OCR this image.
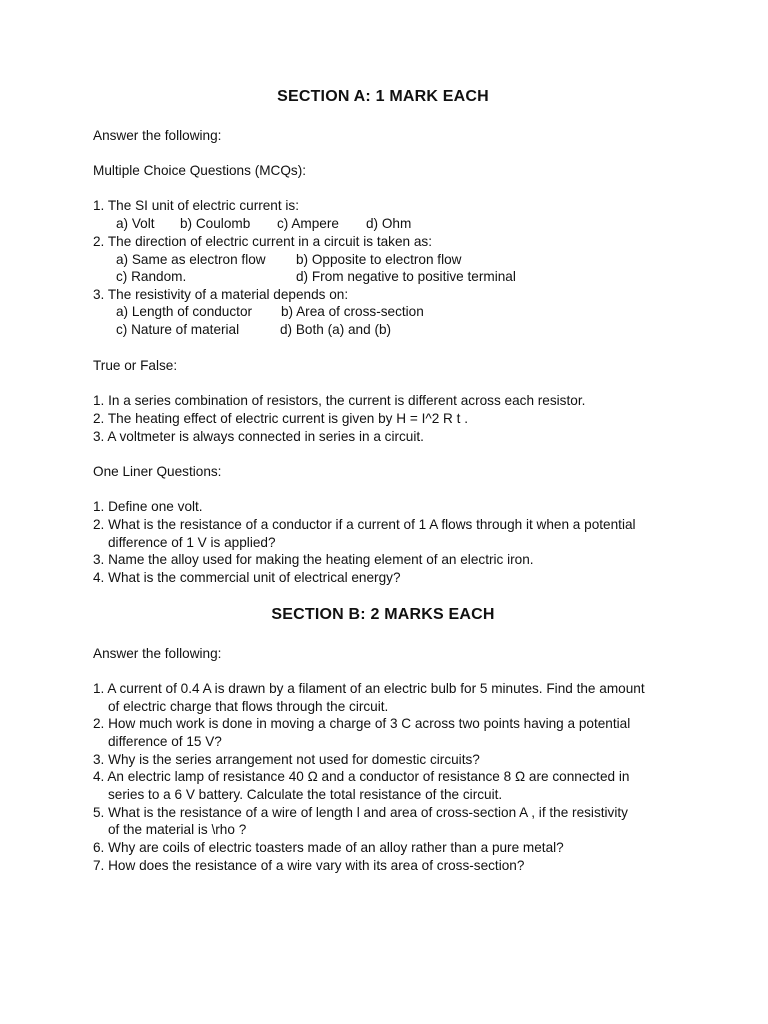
SECTION A: 1 MARK EACH
Answer the following:
Multiple Choice Questions (MCQs):
1. The SI unit of electric current is:
a) Volt b) Coulomb c) Ampere d) Ohm
2. The direction of electric current in a circuit is taken as:
a) Same as electron flow b) Opposite to electron flow
c) Random.	d) From negative to positive terminal
3. The resistivity of a material depends on:
a) Length of conductor b) Area of cross-section
c) Nature of material	d) Both (a) and (b)
True or False:
1. In a series combination of resistors, the current is different across each resistor.
2. The heating effect of electric current is given by H = I^2 R t .
3. A voltmeter is always connected in series in a circuit.
One Liner Questions:
1. Define one volt.
2. What is the resistance of a conductor if a current of 1 A flows through it when a potential
difference of 1 V is applied?
3. Name the alloy used for making the heating element of an electric iron.
4. What is the commercial unit of electrical energy?
SECTION B: 2 MARKS EACH
Answer the following:
1. A current of 0.4 A is drawn by a filament of an electric bulb for 5 minutes. Find the amount
of electric charge that flows through the circuit.
2. How much work is done in moving a charge of 3 C across two points having a potential
difference of 15 V?
3. Why is the series arrangement not used for domestic circuits?
4. An electric lamp of resistance 40 Ω and a conductor of resistance 8 Ω are connected in
series to a 6 V battery. Calculate the total resistance of the circuit.
5. What is the resistance of a wire of length l and area of cross-section A , if the resistivity
of the material is \rho ?
6. Why are coils of electric toasters made of an alloy rather than a pure metal?
7. How does the resistance of a wire vary with its area of cross-section?
